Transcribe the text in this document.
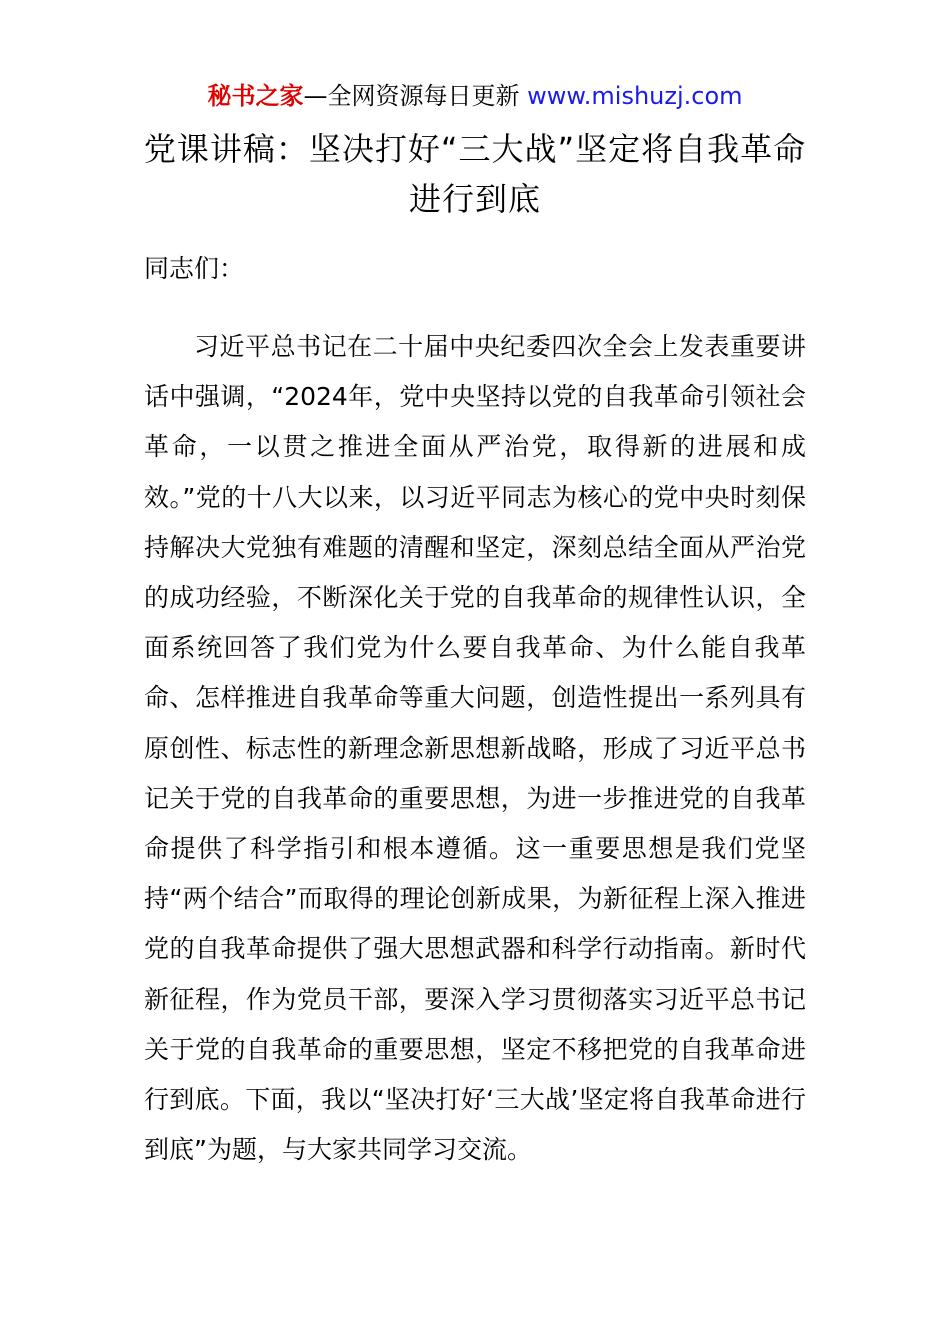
秘书之家—全网资源每日更新 www.mishuzj.com
党课讲稿：坚决打好“三大战”坚定将自我革命进行到底
同志们：
习近平总书记在二十届中央纪委四次全会上发表重要讲话中强调，“2024年，党中央坚持以党的自我革命引领社会革命，一以贯之推进全面从严治党，取得新的进展和成效。”党的十八大以来，以习近平同志为核心的党中央时刻保持解决大党独有难题的清醒和坚定，深刻总结全面从严治党的成功经验，不断深化关于党的自我革命的规律性认识，全面系统回答了我们党为什么要自我革命、为什么能自我革命、怎样推进自我革命等重大问题，创造性提出一系列具有原创性、标志性的新理念新思想新战略，形成了习近平总书记关于党的自我革命的重要思想，为进一步推进党的自我革命提供了科学指引和根本遵循。这一重要思想是我们党坚持“两个结合”而取得的理论创新成果，为新征程上深入推进党的自我革命提供了强大思想武器和科学行动指南。新时代新征程，作为党员干部，要深入学习贯彻落实习近平总书记关于党的自我革命的重要思想，坚定不移把党的自我革命进行到底。下面，我以“坚决打好‘三大战’坚定将自我革命进行到底”为题，与大家共同学习交流。
